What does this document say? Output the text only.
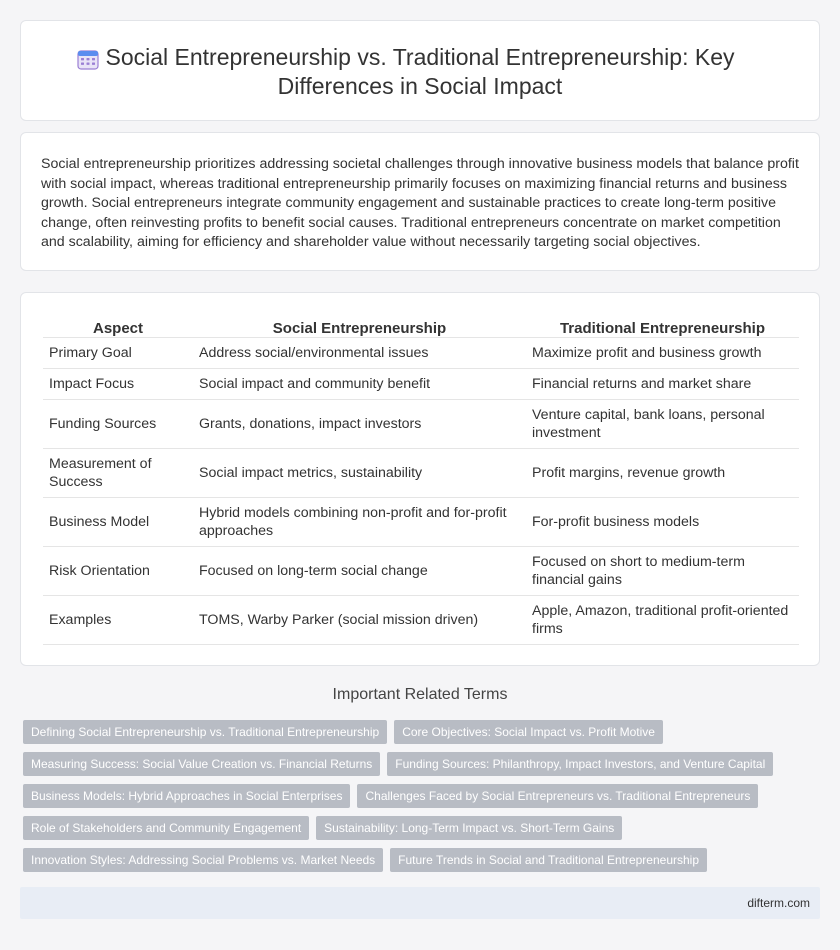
Social Entrepreneurship vs. Traditional Entrepreneurship: Key Differences in Social Impact

Social entrepreneurship prioritizes addressing societal challenges through innovative business models that balance profit with social impact, whereas traditional entrepreneurship primarily focuses on maximizing financial returns and business growth. Social entrepreneurs integrate community engagement and sustainable practices to create long-term positive change, often reinvesting profits to benefit social causes. Traditional entrepreneurs concentrate on market competition and scalability, aiming for efficiency and shareholder value without necessarily targeting social objectives.

Aspect	Social Entrepreneurship	Traditional Entrepreneurship
Primary Goal	Address social/environmental issues	Maximize profit and business growth
Impact Focus	Social impact and community benefit	Financial returns and market share
Funding Sources	Grants, donations, impact investors	Venture capital, bank loans, personal investment
Measurement of Success	Social impact metrics, sustainability	Profit margins, revenue growth
Business Model	Hybrid models combining non-profit and for-profit approaches	For-profit business models
Risk Orientation	Focused on long-term social change	Focused on short to medium-term financial gains
Examples	TOMS, Warby Parker (social mission driven)	Apple, Amazon, traditional profit-oriented firms
Important Related Terms
Defining Social Entrepreneurship vs. Traditional Entrepreneurship	Core Objectives: Social Impact vs. Profit Motive
Measuring Success: Social Value Creation vs. Financial Returns	Funding Sources: Philanthropy, Impact Investors, and Venture Capital
Business Models: Hybrid Approaches in Social Enterprises	Challenges Faced by Social Entrepreneurs vs. Traditional Entrepreneurs
Role of Stakeholders and Community Engagement	Sustainability: Long-Term Impact vs. Short-Term Gains
Innovation Styles: Addressing Social Problems vs. Market Needs	Future Trends in Social and Traditional Entrepreneurship
difterm.com
